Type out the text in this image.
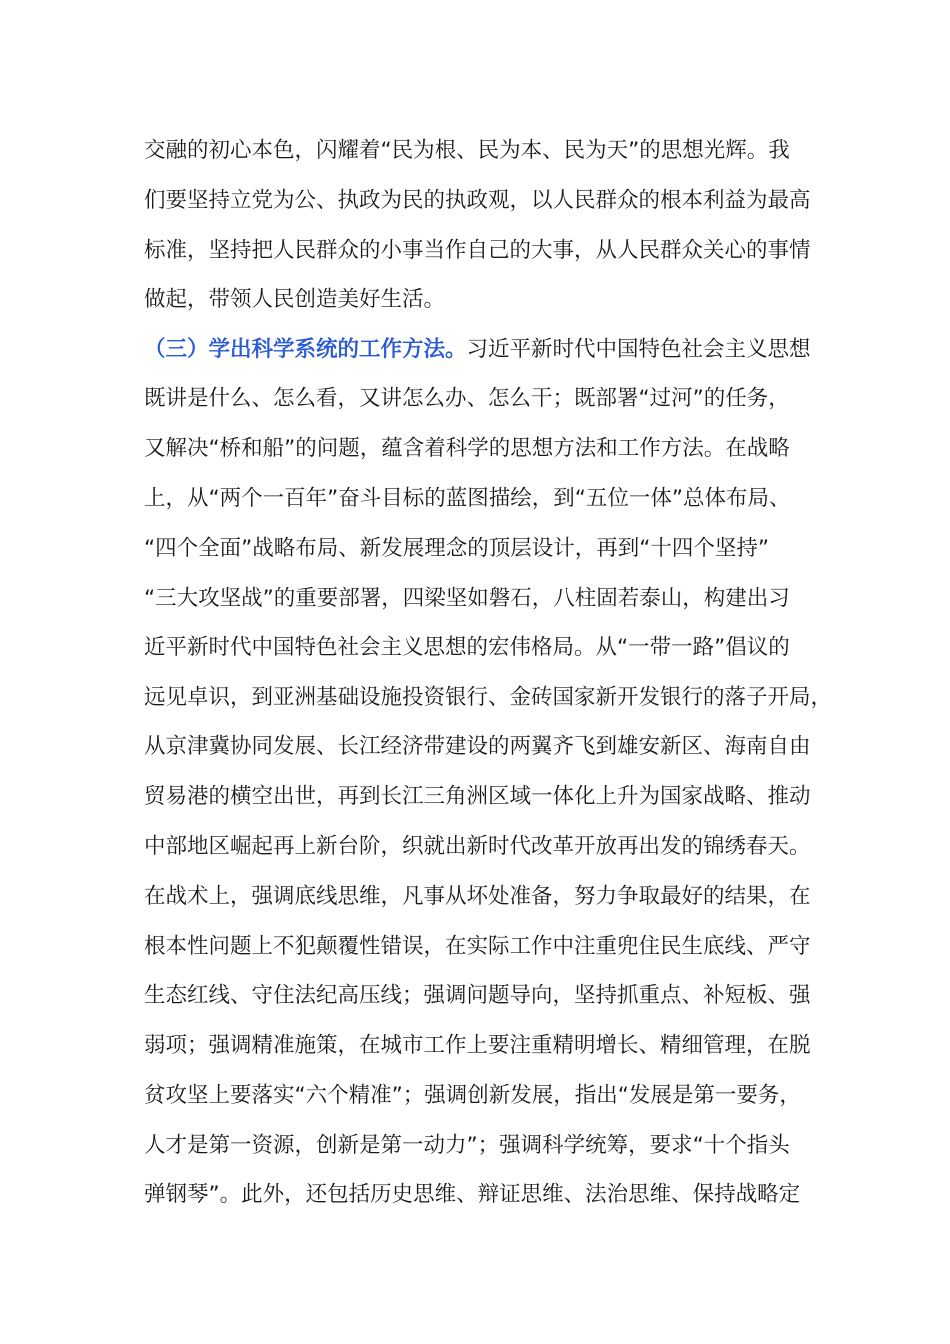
交融的初心本色，闪耀着“民为根、民为本、民为天”的思想光辉。我
们要坚持立党为公、执政为民的执政观，以人民群众的根本利益为最高
标准，坚持把人民群众的小事当作自己的大事，从人民群众关心的事情
做起，带领人民创造美好生活。
（三）学出科学系统的工作方法。习近平新时代中国特色社会主义思想
既讲是什么、怎么看，又讲怎么办、怎么干；既部署“过河”的任务，
又解决“桥和船”的问题，蕴含着科学的思想方法和工作方法。在战略
上，从“两个一百年”奋斗目标的蓝图描绘，到“五位一体”总体布局、
“四个全面”战略布局、新发展理念的顶层设计，再到“十四个坚持”
“三大攻坚战”的重要部署，四梁坚如磐石，八柱固若泰山，构建出习
近平新时代中国特色社会主义思想的宏伟格局。从“一带一路”倡议的
远见卓识，到亚洲基础设施投资银行、金砖国家新开发银行的落子开局，
从京津冀协同发展、长江经济带建设的两翼齐飞到雄安新区、海南自由
贸易港的横空出世，再到长江三角洲区域一体化上升为国家战略、推动
中部地区崛起再上新台阶，织就出新时代改革开放再出发的锦绣春天。
在战术上，强调底线思维，凡事从坏处准备，努力争取最好的结果，在
根本性问题上不犯颠覆性错误，在实际工作中注重兜住民生底线、严守
生态红线、守住法纪高压线；强调问题导向，坚持抓重点、补短板、强
弱项；强调精准施策，在城市工作上要注重精明增长、精细管理，在脱
贫攻坚上要落实“六个精准”；强调创新发展，指出“发展是第一要务，
人才是第一资源，创新是第一动力”；强调科学统筹，要求“十个指头
弹钢琴”。此外，还包括历史思维、辩证思维、法治思维、保持战略定
